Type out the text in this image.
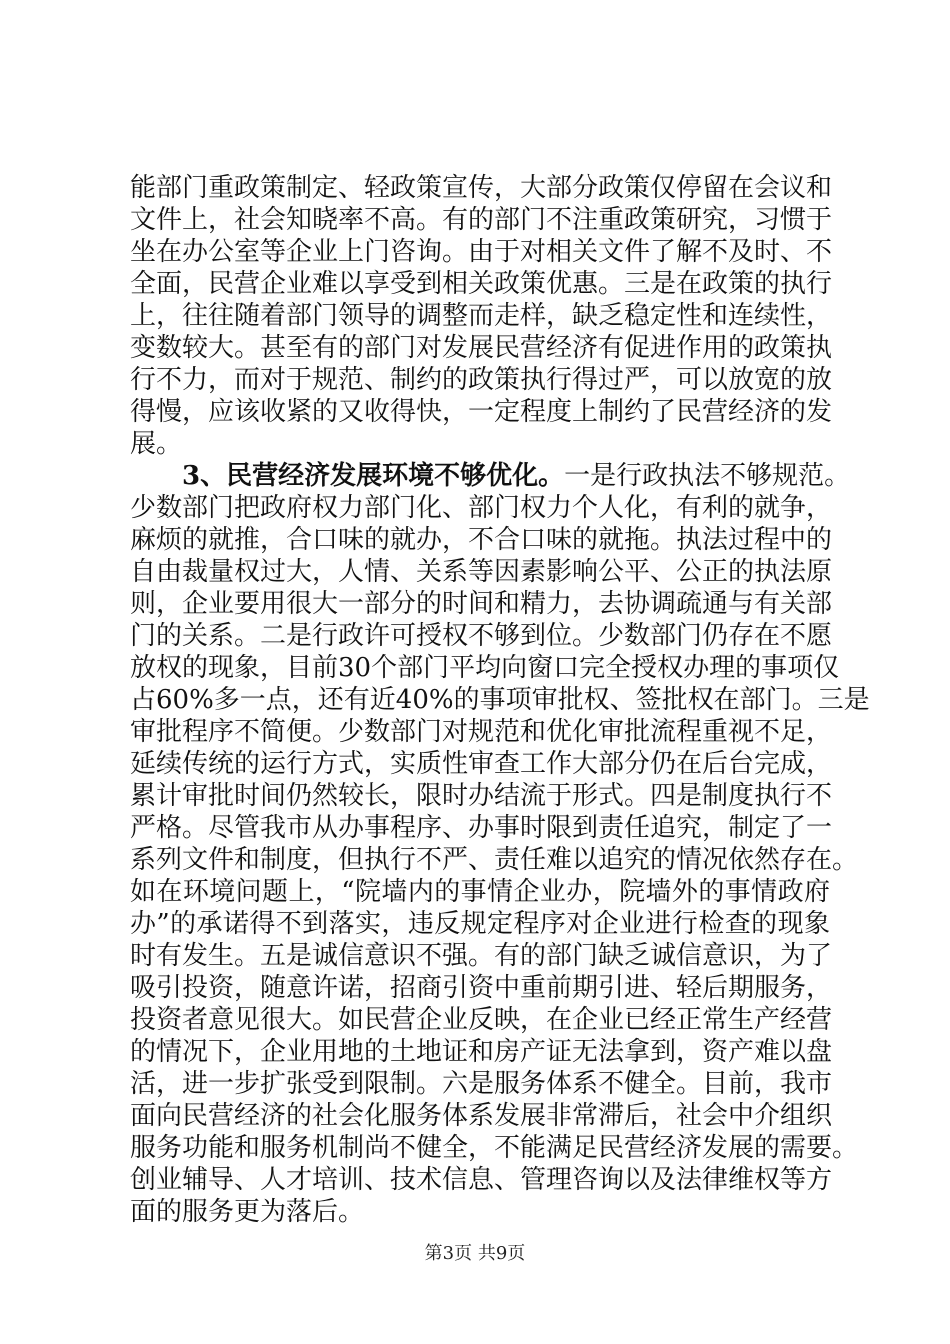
能部门重政策制定、轻政策宣传，大部分政策仅停留在会议和
文件上，社会知晓率不高。有的部门不注重政策研究，习惯于
坐在办公室等企业上门咨询。由于对相关文件了解不及时、不
全面，民营企业难以享受到相关政策优惠。三是在政策的执行
上，往往随着部门领导的调整而走样，缺乏稳定性和连续性，
变数较大。甚至有的部门对发展民营经济有促进作用的政策执
行不力，而对于规范、制约的政策执行得过严，可以放宽的放
得慢，应该收紧的又收得快，一定程度上制约了民营经济的发
展。
3、民营经济发展环境不够优化。一是行政执法不够规范。
少数部门把政府权力部门化、部门权力个人化，有利的就争，
麻烦的就推，合口味的就办，不合口味的就拖。执法过程中的
自由裁量权过大，人情、关系等因素影响公平、公正的执法原
则，企业要用很大一部分的时间和精力，去协调疏通与有关部
门的关系。二是行政许可授权不够到位。少数部门仍存在不愿
放权的现象，目前30个部门平均向窗口完全授权办理的事项仅
占60%多一点，还有近40%的事项审批权、签批权在部门。三是
审批程序不简便。少数部门对规范和优化审批流程重视不足，
延续传统的运行方式，实质性审查工作大部分仍在后台完成，
累计审批时间仍然较长，限时办结流于形式。四是制度执行不
严格。尽管我市从办事程序、办事时限到责任追究，制定了一
系列文件和制度，但执行不严、责任难以追究的情况依然存在。
如在环境问题上，“院墙内的事情企业办，院墙外的事情政府
办”的承诺得不到落实，违反规定程序对企业进行检查的现象
时有发生。五是诚信意识不强。有的部门缺乏诚信意识，为了
吸引投资，随意许诺，招商引资中重前期引进、轻后期服务，
投资者意见很大。如民营企业反映，在企业已经正常生产经营
的情况下，企业用地的土地证和房产证无法拿到，资产难以盘
活，进一步扩张受到限制。六是服务体系不健全。目前，我市
面向民营经济的社会化服务体系发展非常滞后，社会中介组织
服务功能和服务机制尚不健全，不能满足民营经济发展的需要。
创业辅导、人才培训、技术信息、管理咨询以及法律维权等方
面的服务更为落后。
第3页 共9页
